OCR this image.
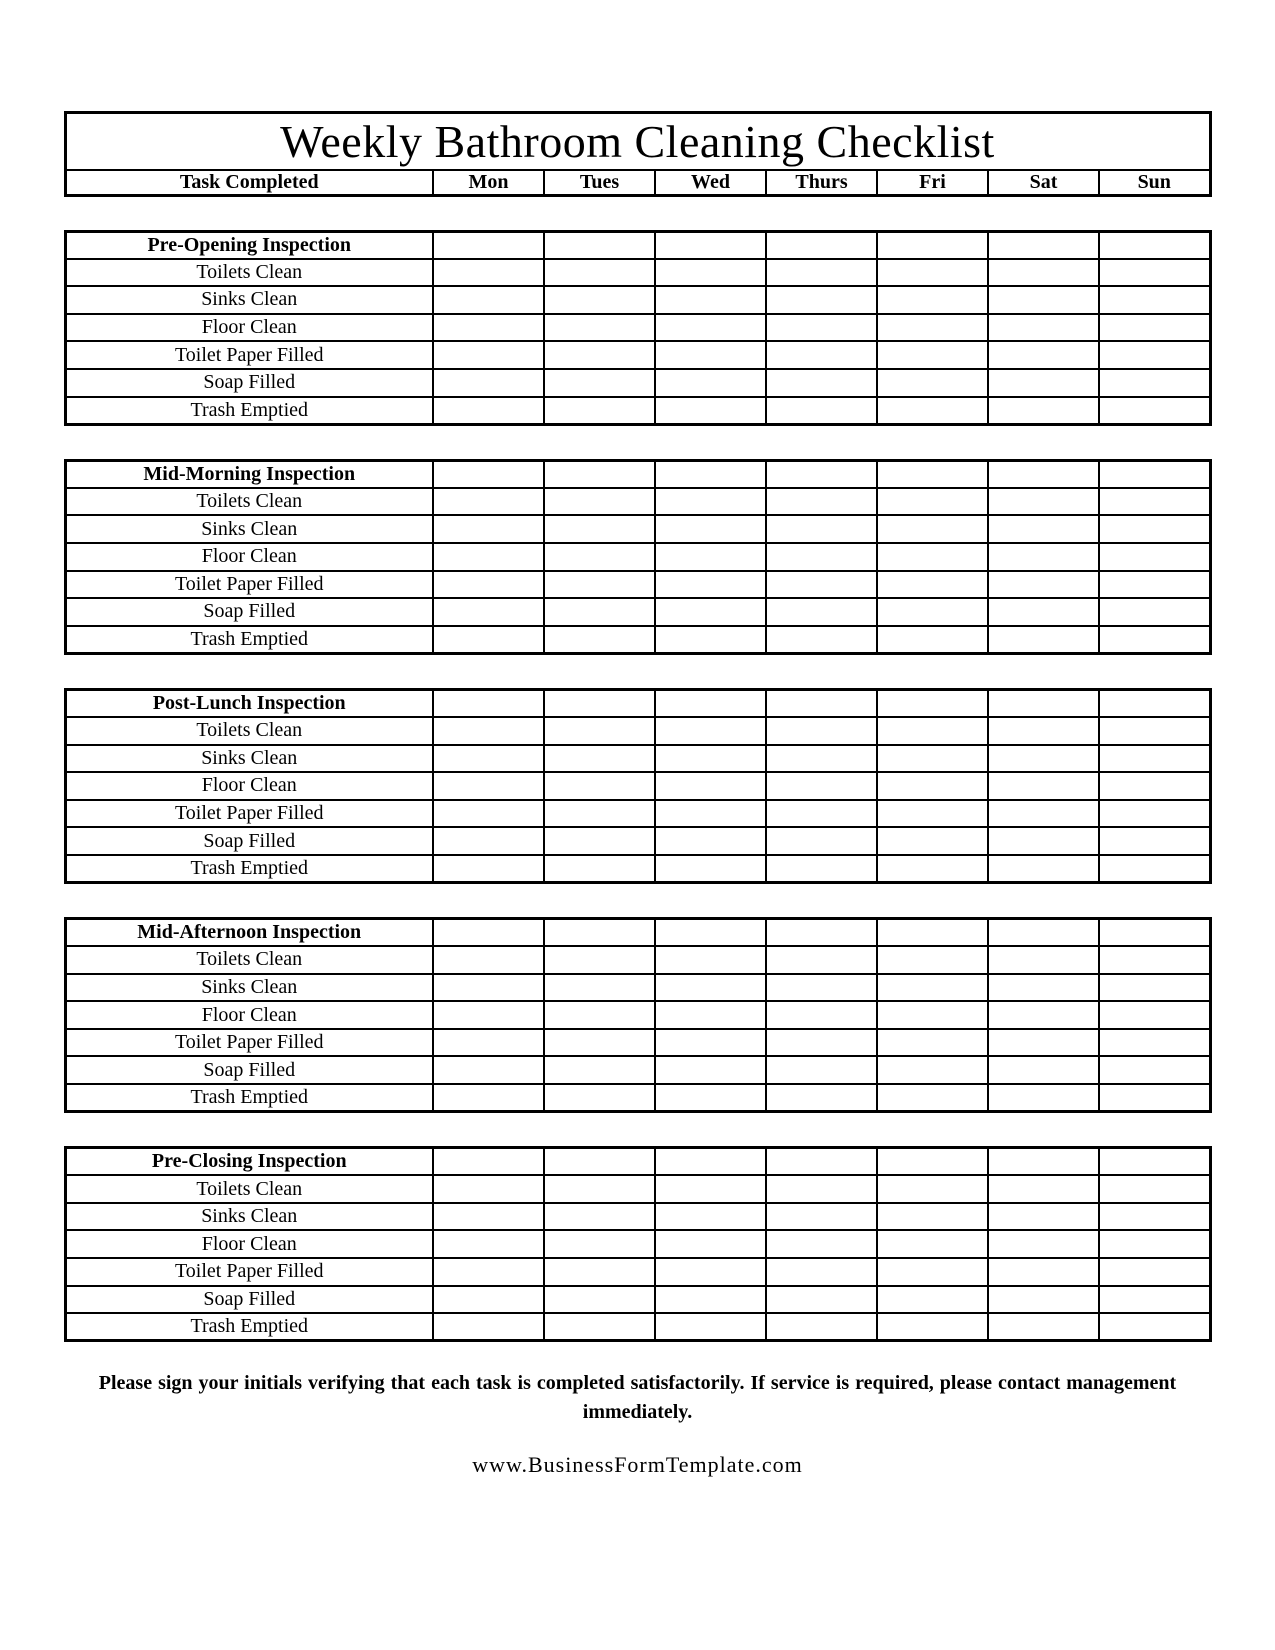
Weekly Bathroom Cleaning Checklist
Task Completed	Mon	Tues	Wed	Thurs	Fri	Sat	Sun
Pre-Opening Inspection							
Toilets Clean							
Sinks Clean							
Floor Clean							
Toilet Paper Filled							
Soap Filled							
Trash Emptied							
Mid-Morning Inspection							
Toilets Clean							
Sinks Clean							
Floor Clean							
Toilet Paper Filled							
Soap Filled							
Trash Emptied							
Post-Lunch Inspection							
Toilets Clean							
Sinks Clean							
Floor Clean							
Toilet Paper Filled							
Soap Filled							
Trash Emptied							
Mid-Afternoon Inspection							
Toilets Clean							
Sinks Clean							
Floor Clean							
Toilet Paper Filled							
Soap Filled							
Trash Emptied							
Pre-Closing Inspection							
Toilets Clean							
Sinks Clean							
Floor Clean							
Toilet Paper Filled							
Soap Filled							
Trash Emptied							

Please sign your initials verifying that each task is completed satisfactorily. If service is required, please contact management immediately.

www.BusinessFormTemplate.com
